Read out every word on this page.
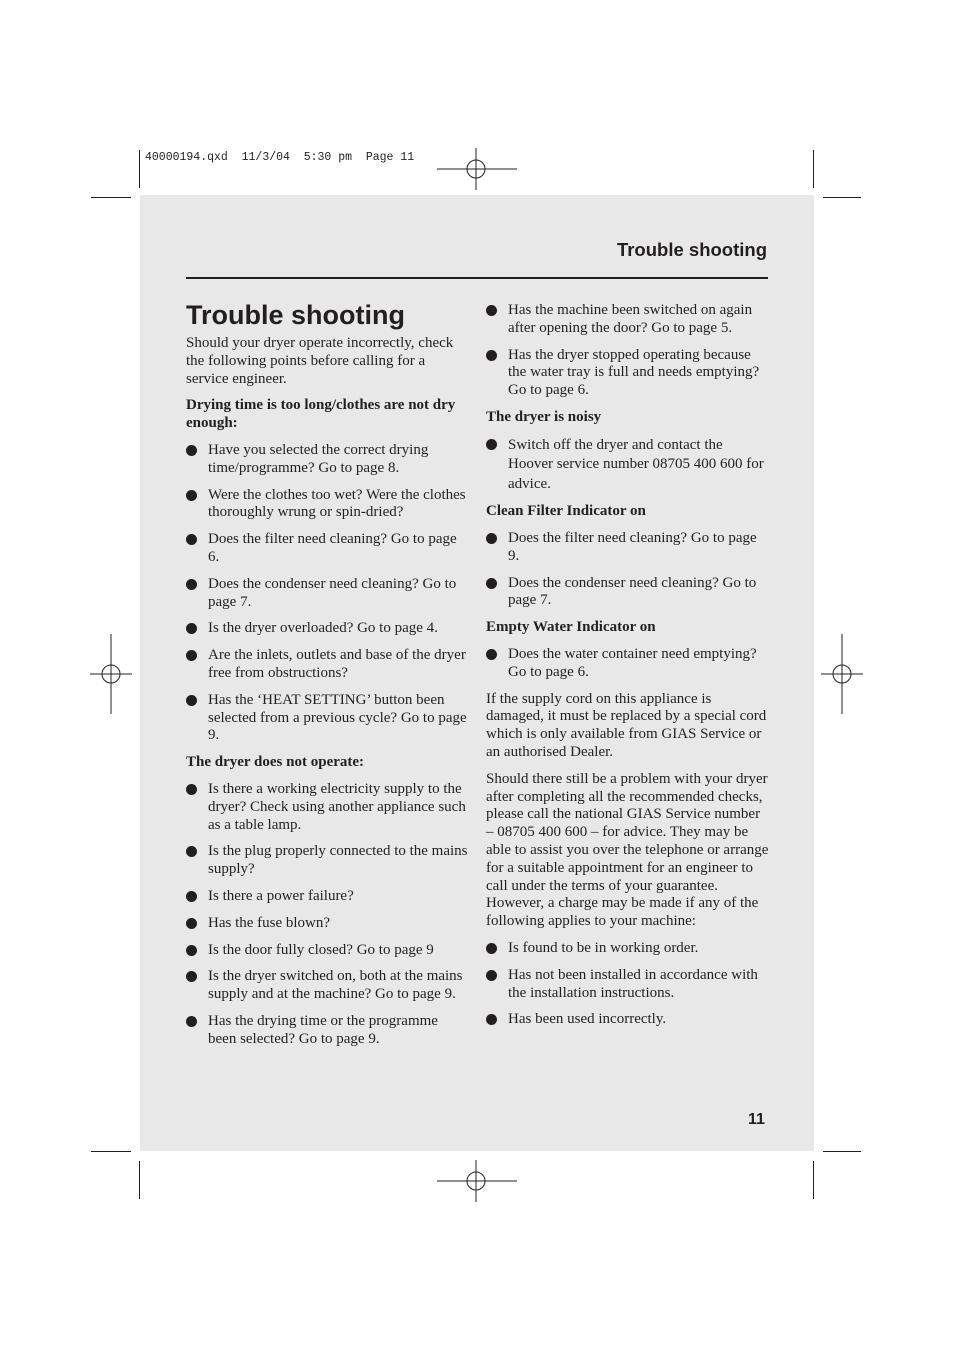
40000194.qxd  11/3/04  5:30 pm  Page 11
Trouble shooting
Trouble shooting

Should your dryer operate incorrectly, check the following points before calling for a service engineer.

Drying time is too long/clothes are not dry enough:
Have you selected the correct drying time/programme? Go to page 8.
Were the clothes too wet? Were the clothes thoroughly wrung or spin-dried?
Does the filter need cleaning? Go to page 6.
Does the condenser need cleaning? Go to page 7.
Is the dryer overloaded? Go to page 4.
Are the inlets, outlets and base of the dryer free from obstructions?
Has the ‘HEAT SETTING’ button been selected from a previous cycle? Go to page 9.
The dryer does not operate:
Is there a working electricity supply to the dryer? Check using another appliance such as a table lamp.
Is the plug properly connected to the mains supply?
Is there a power failure?
Has the fuse blown?
Is the door fully closed? Go to page 9
Is the dryer switched on, both at the mains supply and at the machine? Go to page 9.
Has the drying time or the programme been selected? Go to page 9.
Has the machine been switched on again after opening the door? Go to page 5.
Has the dryer stopped operating because the water tray is full and needs emptying? Go to page 6.
The dryer is noisy
Switch off the dryer and contact the Hoover service number 08705 400 600 for advice.
Clean Filter Indicator on
Does the filter need cleaning? Go to page 9.
Does the condenser need cleaning? Go to page 7.
Empty Water Indicator on
Does the water container need emptying? Go to page 6.

If the supply cord on this appliance is damaged, it must be replaced by a special cord which is only available from GIAS Service or an authorised Dealer.

Should there still be a problem with your dryer after completing all the recommended checks, please call the national GIAS Service number – 08705 400 600 – for advice. They may be able to assist you over the telephone or arrange for a suitable appointment for an engineer to call under the terms of your guarantee. However, a charge may be made if any of the following applies to your machine:

Is found to be in working order.
Has not been installed in accordance with the installation instructions.
Has been used incorrectly.
11
